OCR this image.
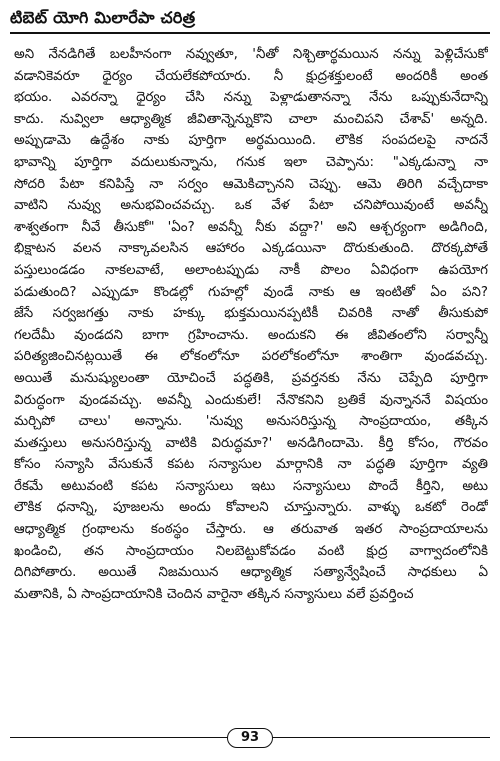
టిబెట్ యోగి మిలారేపా చరిత్ర
అని నేనడిగితే బలహీనంగా నవ్వుతూ, 'నీతో నిశ్చితార్థమయిన నన్ను పెళ్లిచేసుకో
వడానికెవరూ ధైర్యం చేయలేకపోయారు. నీ క్షుద్రశక్తులంటే అందరికీ అంత
భయం. ఎవరన్నా ధైర్యం చేసి నన్ను పెళ్లాడుతానన్నా నేను ఒప్పుకునేదాన్ని
కాదు. నువ్విలా ఆధ్యాత్మిక జీవితాన్నెన్నుకొని చాలా మంచిపని చేశావ్' అన్నది.
అప్పుడామె ఉద్దేశం నాకు పూర్తిగా అర్థమయింది. లౌకిక సంపదలపై నాదనే
భావాన్ని పూర్తిగా వదులుకున్నాను, గనుక ఇలా చెప్పాను: "ఎక్కడున్నా నా
సోదరి పేటా కనిపిస్తే నా సర్వం ఆమెకిచ్చానని చెప్పు. ఆమె తిరిగి వచ్చేదాకా
వాటిని నువ్వు అనుభవించవచ్చు. ఒక వేళ పేటా చనిపోయివుంటే అవన్నీ
శాశ్వతంగా నీవే తీసుకో" 'ఏం? అవన్నీ నీకు వద్దా?' అని ఆశ్చర్యంగా అడిగింది,
భిక్షాటన వలన నాక్కావలసిన ఆహారం ఎక్కడయినా దొరుకుతుంది. దొరక్కపోతే
పస్తులుండడం నాకలవాటే, అలాంటప్పుడు నాకీ పొలం ఏవిధంగా ఉపయోగ
పడుతుంది? ఎప్పుడూ కొండల్లో గుహల్లో వుండే నాకు ఆ ఇంటితో ఏం పని?
జేసే సర్వజగత్తు నాకు హక్కు భుక్తమయినప్పటికీ చివరికి నాతో తీసుకుపో
గలదేమీ వుండదని బాగా గ్రహించాను. అందుకని ఈ జీవితంలోని సర్వాన్నీ
పరిత్యజించినట్లయితే ఈ లోకంలోనూ పరలోకంలోనూ శాంతిగా వుండవచ్చు.
అయితే మనుష్యులంతా యోచించే పద్ధతికి, ప్రవర్తనకు నేను చెప్పేది పూర్తిగా
విరుద్ధంగా వుండవచ్చు. అవన్నీ ఎందుకులే! నేనొకనిని బ్రతికే వున్నాననే విషయం
మర్చిపో చాలు' అన్నాను. 'నువ్వు అనుసరిస్తున్న సాంప్రదాయం, తక్కిన
మతస్తులు అనుసరిస్తున్న వాటికి విరుద్ధమా?' అనడిగిందామె. కీర్తి కోసం, గౌరవం
కోసం సన్యాసి వేసుకునే కపట సన్యాసుల మార్గానికి నా పద్ధతి పూర్తిగా వ్యతి
రేకమే అటువంటి కపట సన్యాసులు ఇటు సన్యాసులు పొందే కీర్తిని, అటు
లౌకిక ధనాన్ని, పూజలను అందు కోవాలని చూస్తున్నారు. వాళ్ళు ఒకటో రెండో
ఆధ్యాత్మిక గ్రంథాలను కంఠస్థం చేస్తారు. ఆ తరువాత ఇతర సాంప్రదాయాలను
ఖండించి, తన సాంప్రదాయం నిలబెట్టుకోవడం వంటి క్షుద్ర వాగ్వాదంలోనికి
దిగిపోతారు. అయితే నిజమయిన ఆధ్యాత్మిక సత్యాన్వేషించే సాధకులు ఏ
మతానికి, ఏ సాంప్రదాయానికి చెందిన వారైనా తక్కిన సన్యాసులు వలే ప్రవర్తించ
93
